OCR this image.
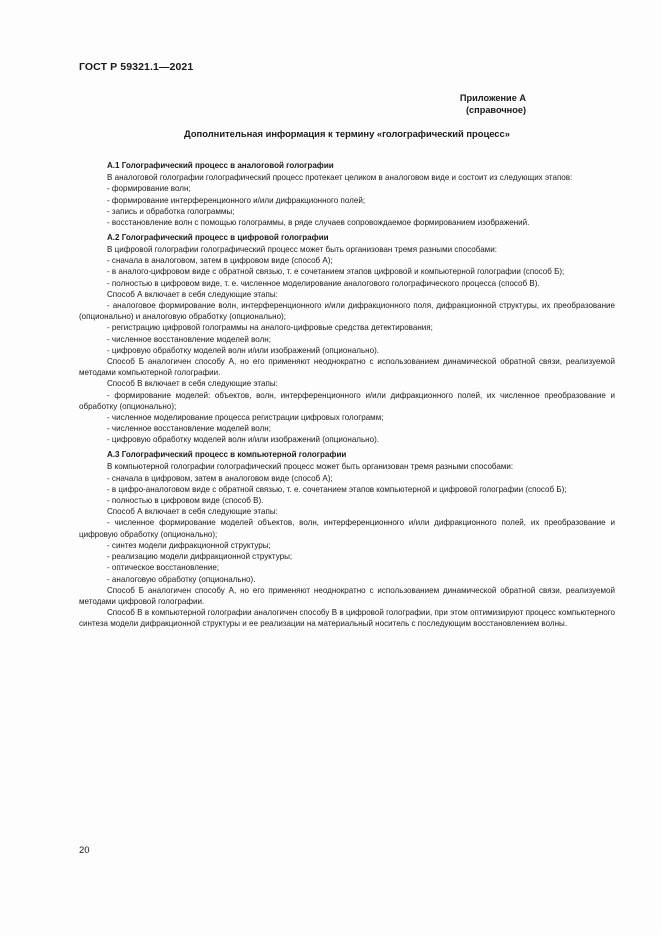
ГОСТ Р 59321.1—2021
Приложение А
(справочное)
Дополнительная информация к термину «голографический процесс»

А.1 Голографический процесс в аналоговой голографии

В аналоговой голографии голографический процесс протекает целиком в аналоговом виде и состоит из следующих этапов:

- формирование волн;

- формирование интерференционного и/или дифракционного полей;

- запись и обработка голограммы;

- восстановление волн с помощью голограммы, в ряде случаев сопровождаемое формированием изображений.

А.2 Голографический процесс в цифровой голографии

В цифровой голографии голографический процесс может быть организован тремя разными способами:

- сначала в аналоговом, затем в цифровом виде (способ А);

- в аналого-цифровом виде с обратной связью, т. е сочетанием этапов цифровой и компьютерной голографии (способ Б);

- полностью в цифровом виде, т. е. численное моделирование аналогового голографического процесса (способ В).

Способ А включает в себя следующие этапы:

- аналоговое формирование волн, интерференционного и/или дифракционного поля, дифракционной структуры, их преобразование (опционально) и аналоговую обработку (опционально);

- регистрацию цифровой голограммы на аналого-цифровые средства детектирования;

- численное восстановление моделей волн;

- цифровую обработку моделей волн и/или изображений (опционально).

Способ Б аналогичен способу А, но его применяют неоднократно с использованием динамической обратной связи, реализуемой методами компьютерной голографии.

Способ В включает в себя следующие этапы:

- формирование моделей: объектов, волн, интерференционного и/или дифракционного полей, их численное преобразование и обработку (опционально);

- численное моделирование процесса регистрации цифровых голограмм;

- численное восстановление моделей волн;

- цифровую обработку моделей волн и/или изображений (опционально).

А.3 Голографический процесс в компьютерной голографии

В компьютерной голографии голографический процесс может быть организован тремя разными способами:

- сначала в цифровом, затем в аналоговом виде (способ А);

- в цифро-аналоговом виде с обратной связью, т. е. сочетанием этапов компьютерной и цифровой голографии (способ Б);

- полностью в цифровом виде (способ В).

Способ А включает в себя следующие этапы:

- численное формирование моделей объектов, волн, интерференционного и/или дифракционного полей, их преобразование и цифровую обработку (опционально);

- синтез модели дифракционной структуры;

- реализацию модели дифракционной структуры;

- оптическое восстановление;

- аналоговую обработку (опционально).

Способ Б аналогичен способу А, но его применяют неоднократно с использованием динамической обратной связи, реализуемой методами цифровой голографии.

Способ В в компьютерной голографии аналогичен способу В в цифровой голографии, при этом оптимизируют процесс компьютерного синтеза модели дифракционной структуры и ее реализации на материальный носитель с последующим восстановлением волны.

20
